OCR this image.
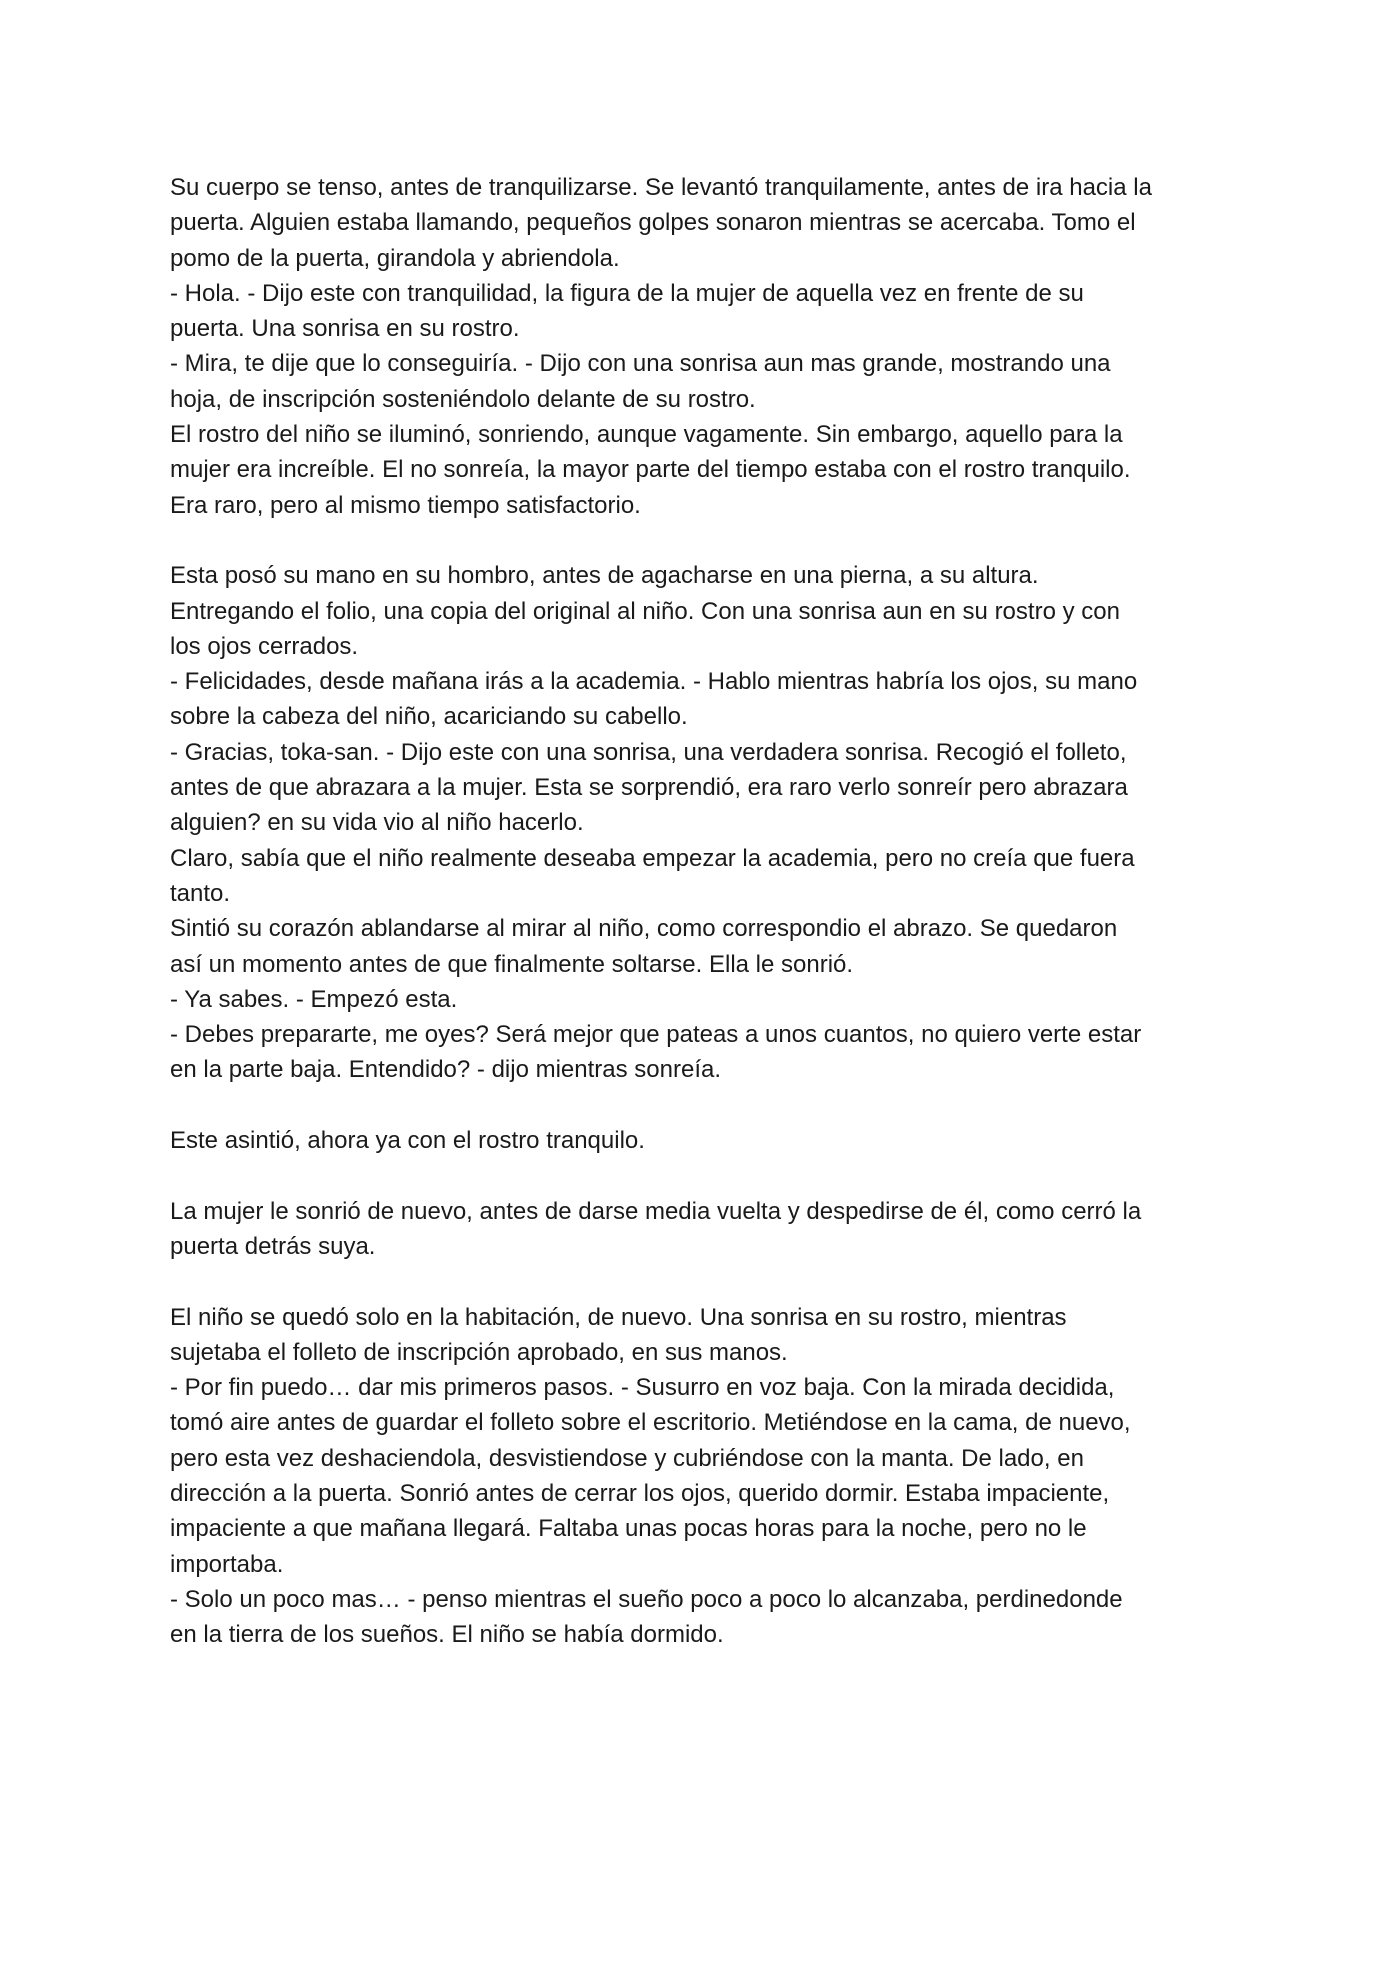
Su cuerpo se tenso, antes de tranquilizarse. Se levantó tranquilamente, antes de ira hacia la
puerta. Alguien estaba llamando, pequeños golpes sonaron mientras se acercaba. Tomo el
pomo de la puerta, girandola y abriendola.
- Hola. - Dijo este con tranquilidad, la figura de la mujer de aquella vez en frente de su
puerta. Una sonrisa en su rostro.
- Mira, te dije que lo conseguiría. - Dijo con una sonrisa aun mas grande, mostrando una
hoja, de inscripción sosteniéndolo delante de su rostro.
El rostro del niño se iluminó, sonriendo, aunque vagamente. Sin embargo, aquello para la
mujer era increíble. El no sonreía, la mayor parte del tiempo estaba con el rostro tranquilo.
Era raro, pero al mismo tiempo satisfactorio.
Esta posó su mano en su hombro, antes de agacharse en una pierna, a su altura.
Entregando el folio, una copia del original al niño. Con una sonrisa aun en su rostro y con
los ojos cerrados.
- Felicidades, desde mañana irás a la academia. - Hablo mientras habría los ojos, su mano
sobre la cabeza del niño, acariciando su cabello.
- Gracias, toka-san. - Dijo este con una sonrisa, una verdadera sonrisa. Recogió el folleto,
antes de que abrazara a la mujer. Esta se sorprendió, era raro verlo sonreír pero abrazara
alguien? en su vida vio al niño hacerlo.
Claro, sabía que el niño realmente deseaba empezar la academia, pero no creía que fuera
tanto.
Sintió su corazón ablandarse al mirar al niño, como correspondio el abrazo. Se quedaron
así un momento antes de que finalmente soltarse. Ella le sonrió.
- Ya sabes. - Empezó esta.
- Debes prepararte, me oyes? Será mejor que pateas a unos cuantos, no quiero verte estar
en la parte baja. Entendido? - dijo mientras sonreía.
Este asintió, ahora ya con el rostro tranquilo.
La mujer le sonrió de nuevo, antes de darse media vuelta y despedirse de él, como cerró la
puerta detrás suya.
El niño se quedó solo en la habitación, de nuevo. Una sonrisa en su rostro, mientras
sujetaba el folleto de inscripción aprobado, en sus manos.
- Por fin puedo… dar mis primeros pasos. - Susurro en voz baja. Con la mirada decidida,
tomó aire antes de guardar el folleto sobre el escritorio. Metiéndose en la cama, de nuevo,
pero esta vez deshaciendola, desvistiendose y cubriéndose con la manta. De lado, en
dirección a la puerta. Sonrió antes de cerrar los ojos, querido dormir. Estaba impaciente,
impaciente a que mañana llegará. Faltaba unas pocas horas para la noche, pero no le
importaba.
- Solo un poco mas… - penso mientras el sueño poco a poco lo alcanzaba, perdinedonde
en la tierra de los sueños. El niño se había dormido.
